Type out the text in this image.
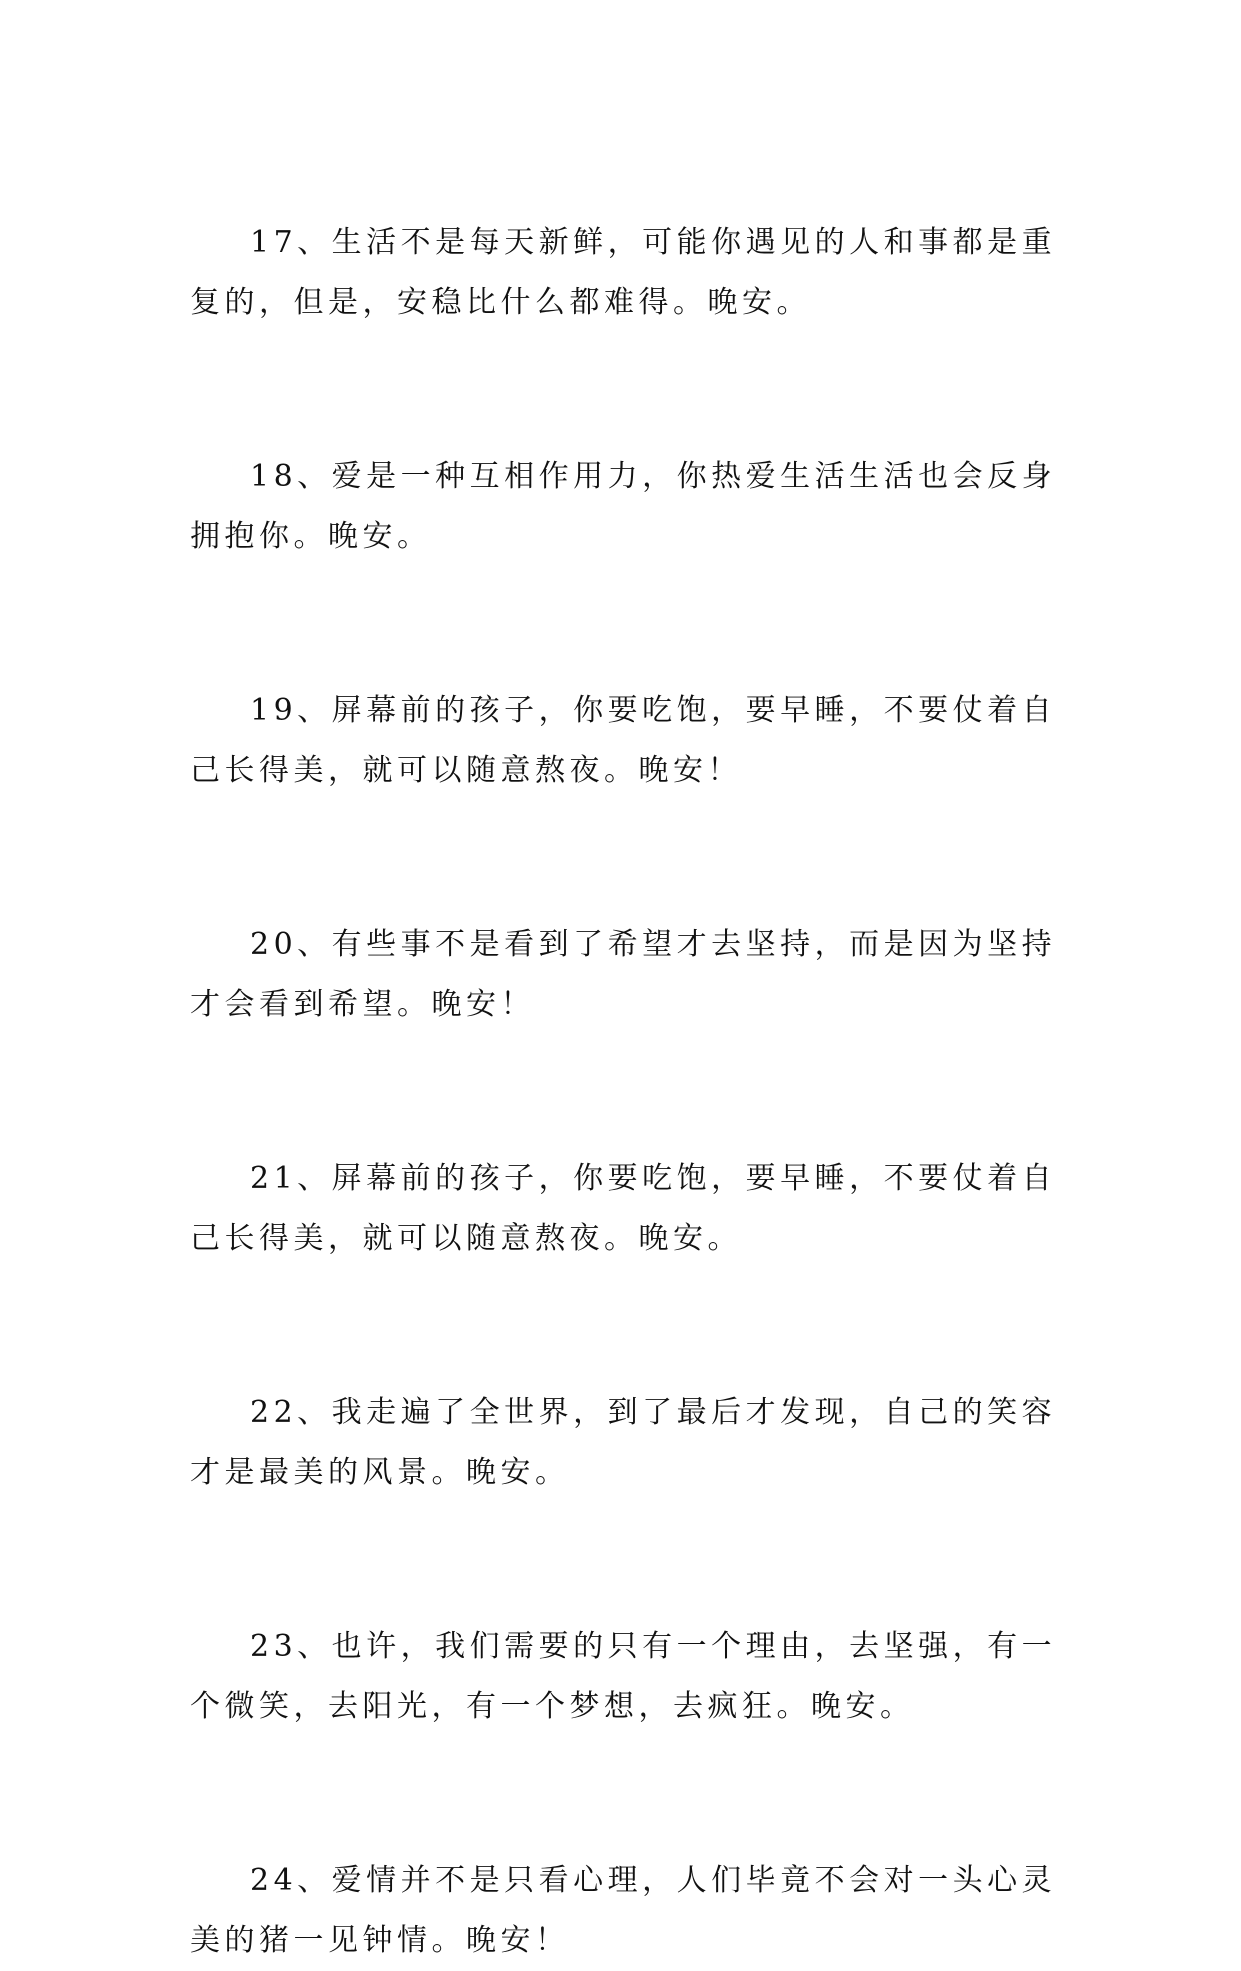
17、生活不是每天新鲜，可能你遇见的人和事都是重复的，但是，安稳比什么都难得。晚安。

18、爱是一种互相作用力，你热爱生活生活也会反身拥抱你。晚安。

19、屏幕前的孩子，你要吃饱，要早睡，不要仗着自己长得美，就可以随意熬夜。晚安！

20、有些事不是看到了希望才去坚持，而是因为坚持才会看到希望。晚安！

21、屏幕前的孩子，你要吃饱，要早睡，不要仗着自己长得美，就可以随意熬夜。晚安。

22、我走遍了全世界，到了最后才发现，自己的笑容才是最美的风景。晚安。

23、也许，我们需要的只有一个理由，去坚强，有一个微笑，去阳光，有一个梦想，去疯狂。晚安。

24、爱情并不是只看心理，人们毕竟不会对一头心灵美的猪一见钟情。晚安！
